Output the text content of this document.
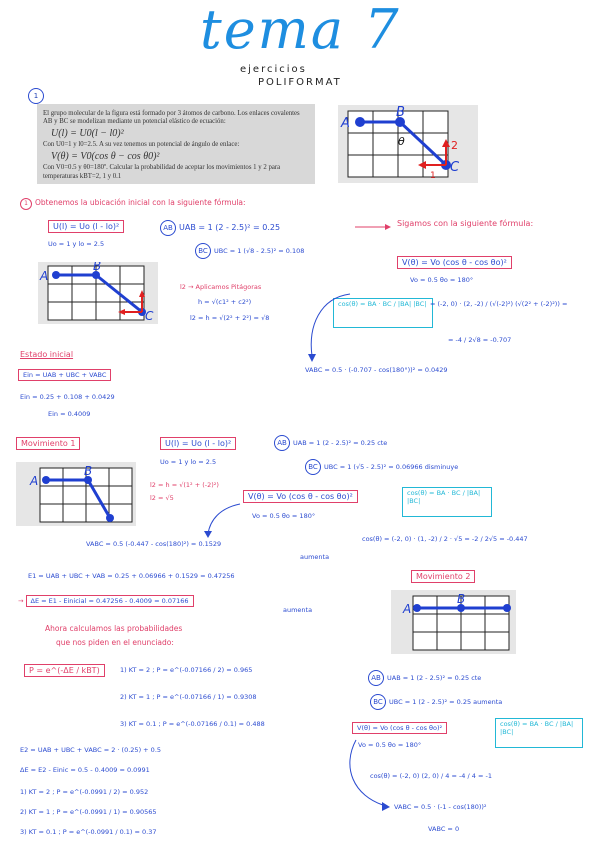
tema 7
ejercicios
POLIFORMAT
1
El grupo molecular de la figura está formado por 3 átomos de carbono. Los enlaces covalentes AB y BC se modelizan mediante un potencial elástico de ecuación:
U(l) = U0(l − l0)²
Con U0=1 y l0=2.5. A su vez tenemos un potencial de ángulo de enlace:
V(θ) = V0(cos θ − cos θ0)²
Con V0=0.5 y θ0=180º. Calcular la probabilidad de aceptar los movimientos 1 y 2 para temperaturas kBT=2, 1 y 0.1
A
B
C
θ	2
1
1 Obtenemos la ubicación inicial con la siguiente fórmula:
U(l) = Uo (l - lo)²
Uo = 1 y lo = 2.5
AB UAB = 1 (2 - 2.5)² = 0.25
BC UBC = 1 (√8 - 2.5)² = 0.108
Sigamos con la siguiente fórmula:
V(θ) = Vo (cos θ - cos θo)²
Vo = 0.5 θo = 180°
A
B
C
l2 → Aplicamos Pitágoras
h = √(c1² + c2²)
l2 = h = √(2² + 2²) = √8
cos(θ) = BA · BC / |BA| |BC| = (-2, 0) · (2, -2) / (√(-2)²) (√(2² + (-2)²)) =
= -4 / 2√8 = -0.707
VABC = 0.5 · (-0.707 - cos(180°))² = 0.0429
Estado inicial
Ein = UAB + UBC + VABC
Ein = 0.25 + 0.108 + 0.0429
Ein = 0.4009
Movimiento 1	U(l) = Uo (l - lo)²
Uo = 1 y lo = 2.5
AB UAB = 1 (2 - 2.5)² = 0.25 cte
BC UBC = 1 (√5 - 2.5)² = 0.06966 disminuye
A
B
l2 = h = √(1² + (-2)²)
l2 = √5	V(θ) = Vo (cos θ - cos θo)²
Vo = 0.5 θo = 180°
cos(θ) = BA · BC / |BA| |BC|
VABC = 0.5 (-0.447 - cos(180)²) = 0.1529
aumenta
cos(θ) = (-2, 0) · (1, -2) / 2 · √5 = -2 / 2√5 = -0.447
E1 = UAB + UBC + VAB = 0.25 + 0.06966 + 0.1529 = 0.47256
→ ΔE = E1 - Einicial = 0.47256 - 0.4009 = 0.07166
aumenta
Movimiento 2
Ahora calculamos las probabilidades
que nos piden en el enunciado:
P = e^(-ΔE / kBT)	1) KT = 2 ; P = e^(-0.07166 / 2) = 0.965
2) KT = 1 ; P = e^(-0.07166 / 1) = 0.9308
3) KT = 0.1 ; P = e^(-0.07166 / 0.1) = 0.488
A
B
AB UAB = 1 (2 - 2.5)² = 0.25 cte
BC UBC = 1 (2 - 2.5)² = 0.25 aumenta
V(θ) = Vo (cos θ - cos θo)²
Vo = 0.5 θo = 180°
cos(θ) = BA · BC / |BA| |BC|
cos(θ) = (-2, 0) (2, 0) / 4 = -4 / 4 = -1
VABC = 0.5 · (-1 - cos(180))²
VABC = 0
E2 = UAB + UBC + VABC = 2 · (0.25) + 0.5
ΔE = E2 - Einic = 0.5 - 0.4009 = 0.0991
1) KT = 2 ; P = e^(-0.0991 / 2) = 0.952
2) KT = 1 ; P = e^(-0.0991 / 1) = 0.90565
3) KT = 0.1 ; P = e^(-0.0991 / 0.1) = 0.37
